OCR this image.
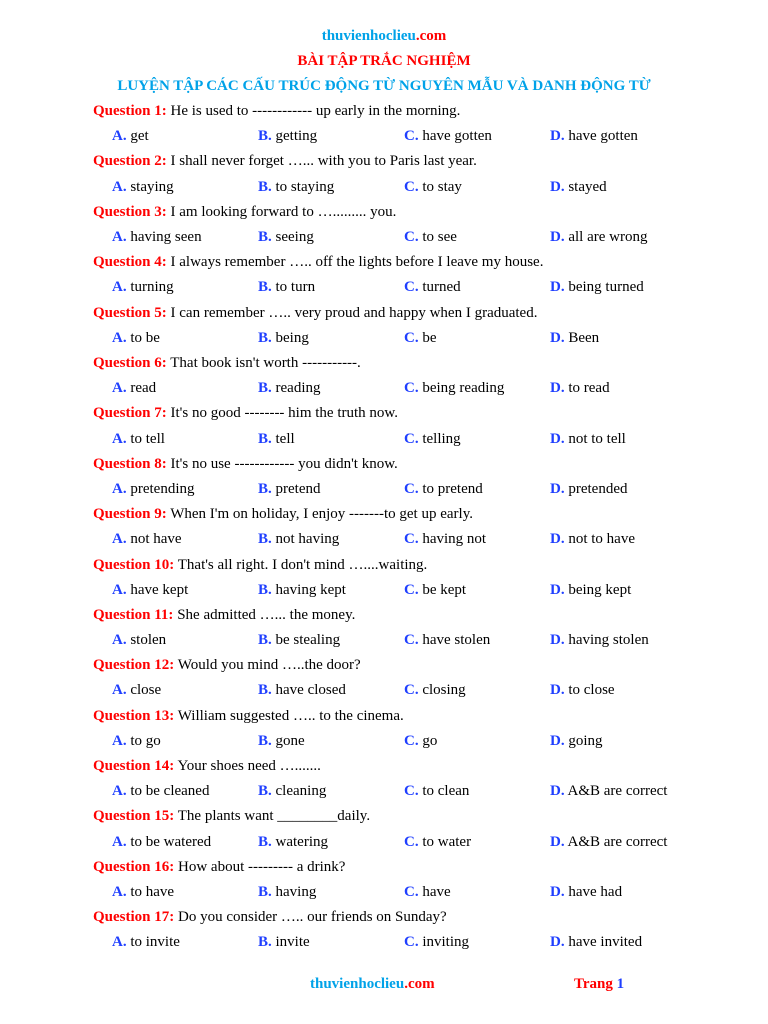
thuvienhoclieu.com
BÀI TẬP TRẮC NGHIỆM
LUYỆN TẬP CÁC CẤU TRÚC ĐỘNG TỪ NGUYÊN MẪU VÀ DANH ĐỘNG TỪ
Question 1: He is used to ------------ up early in the morning.
A. get	B. getting	C. have gotten	D. have gotten
Question 2: I shall never forget …... with you to Paris last year.
A. staying	B. to staying	C. to stay	D. stayed
Question 3: I am looking forward to …......... you.
A. having seen	B. seeing	C. to see	D. all are wrong
Question 4: I always remember ….. off the lights before I leave my house.
A. turning	B. to turn	C. turned	D. being turned
Question 5: I can remember ….. very proud and happy when I graduated.
A. to be	B. being	C. be	D. Been
Question 6: That book isn't worth -----------.
A. read	B. reading	C. being reading	D. to read
Question 7: It's no good -------- him the truth now.
A. to tell	B. tell	C. telling	D. not to tell
Question 8: It's no use ------------ you didn't know.
A. pretending	B. pretend	C. to pretend	D. pretended
Question 9: When I'm on holiday, I enjoy -------to get up early.
A. not have	B. not having	C. having not	D. not to have
Question 10: That's all right. I don't mind …....waiting.
A. have kept	B. having kept	C. be kept	D. being kept
Question 11: She admitted …... the money.
A. stolen	B. be stealing	C. have stolen	D. having stolen
Question 12: Would you mind …..the door?
A. close	B. have closed	C. closing	D. to close
Question 13: William suggested ….. to the cinema.
A. to go	B. gone	C. go	D. going
Question 14: Your shoes need ….......
A. to be cleaned	B. cleaning	C. to clean	D. A&B are correct
Question 15: The plants want ________daily.
A. to be watered	B. watering	C. to water	D. A&B are correct
Question 16: How about --------- a drink?
A. to have	B. having	C. have	D. have had
Question 17: Do you consider ….. our friends on Sunday?
A. to invite	B. invite	C. inviting	D. have invited
thuvienhoclieu.com	Trang 1
